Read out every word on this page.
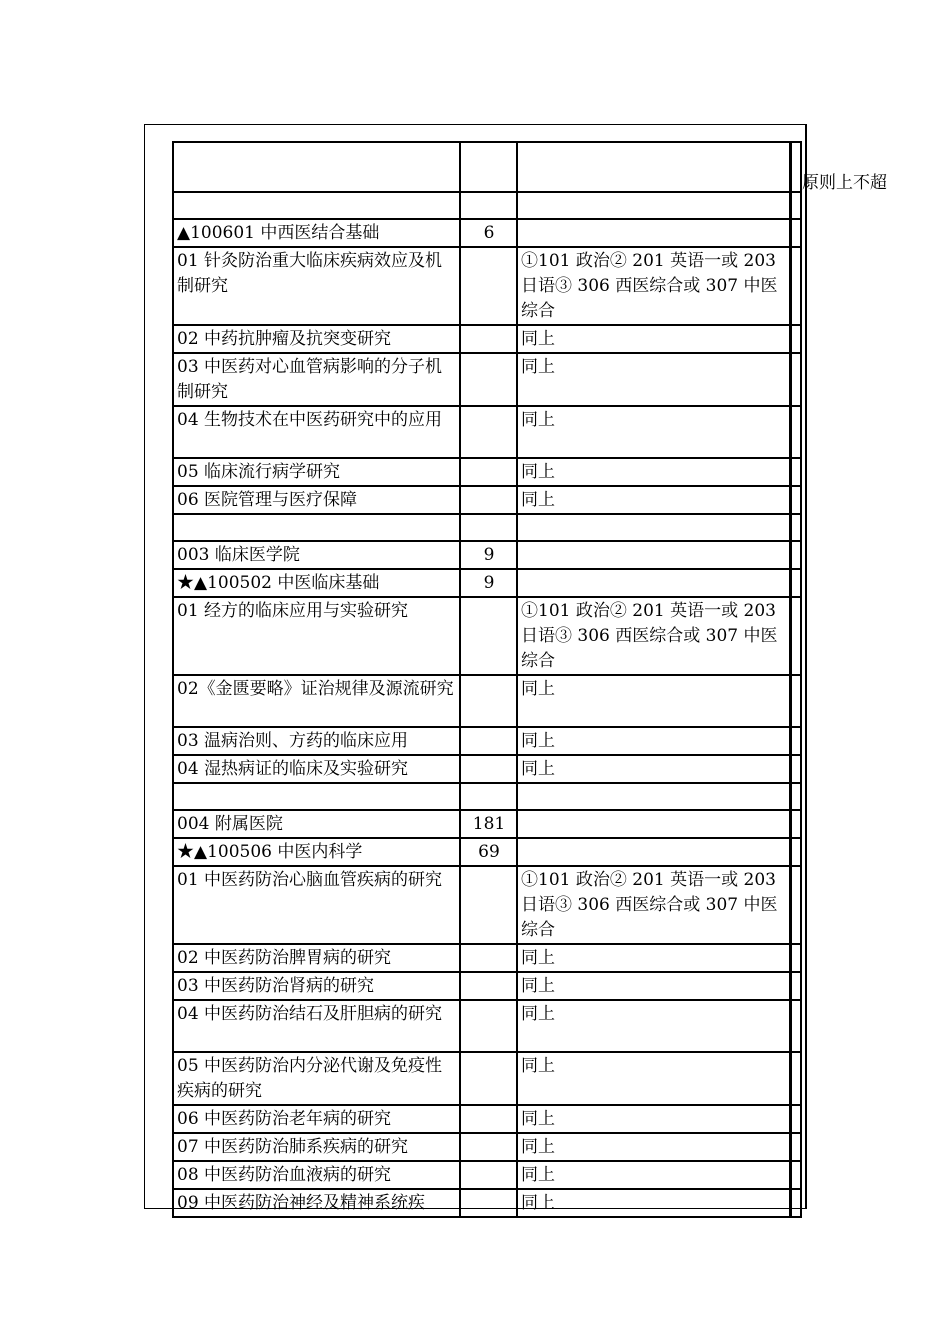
原则上不超

▲100601 中西医结合基础	6		
01 针灸防治重大临床疾病效应及机制研究		①101 政治② 201 英语一或 203 日语③ 306 西医综合或 307 中医综合	
02 中药抗肿瘤及抗突变研究		同上	
03 中医药对心血管病影响的分子机制研究		同上	
04 生物技术在中医药研究中的应用		同上	
05 临床流行病学研究		同上	
06 医院管理与医疗保障		同上	

003 临床医学院	9		
★▲100502 中医临床基础	9		
01 经方的临床应用与实验研究		①101 政治② 201 英语一或 203 日语③ 306 西医综合或 307 中医综合	
02《金匮要略》证治规律及源流研究		同上	
03 温病治则、方药的临床应用		同上	
04 湿热病证的临床及实验研究		同上	

004 附属医院	181		
★▲100506 中医内科学	69		
01 中医药防治心脑血管疾病的研究		①101 政治② 201 英语一或 203 日语③ 306 西医综合或 307 中医综合	
02 中医药防治脾胃病的研究		同上	
03 中医药防治肾病的研究		同上	
04 中医药防治结石及肝胆病的研究		同上	
05 中医药防治内分泌代谢及免疫性疾病的研究		同上	
06 中医药防治老年病的研究		同上	
07 中医药防治肺系疾病的研究		同上	
08 中医药防治血液病的研究		同上	
09 中医药防治神经及精神系统疾		同上	
